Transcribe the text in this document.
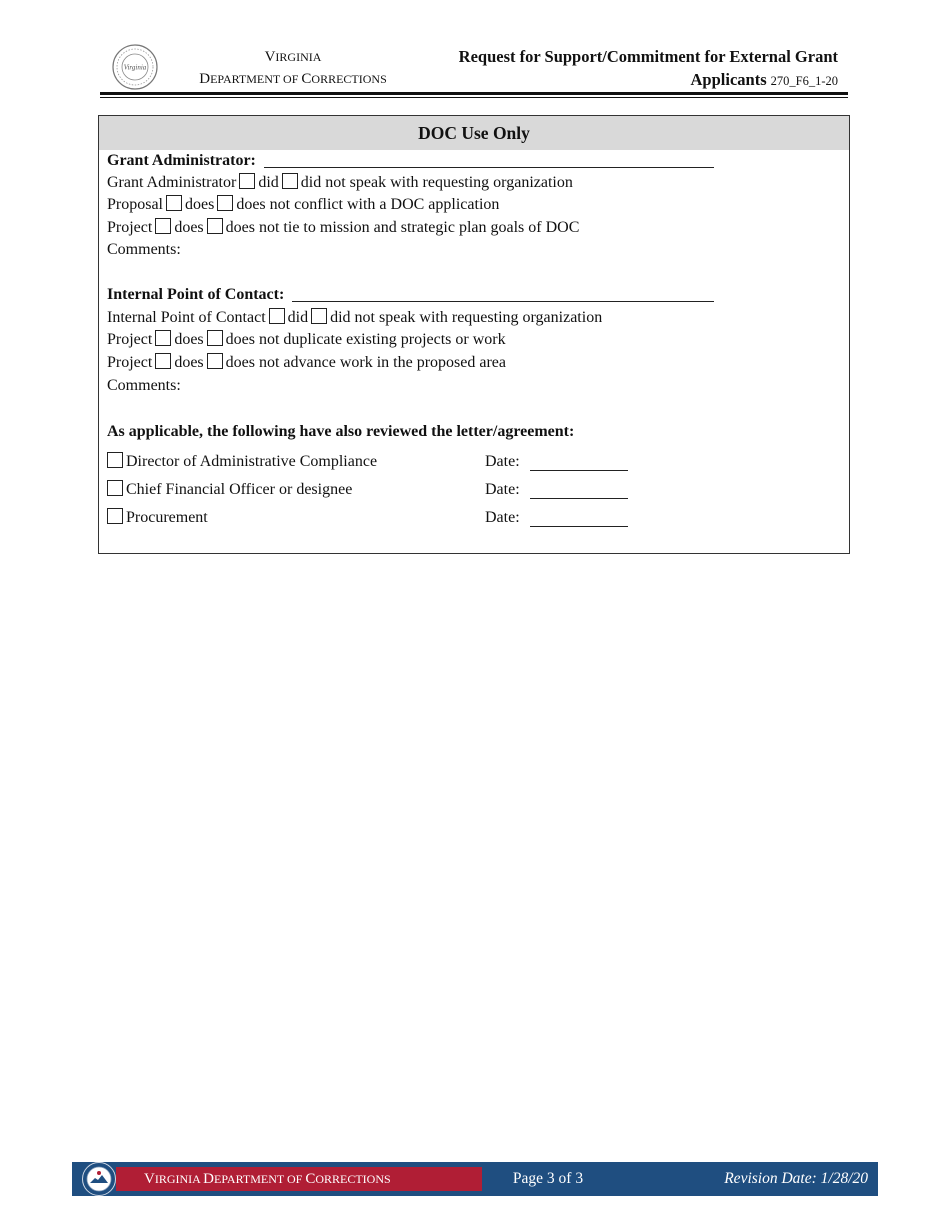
Virginia
VIRGINIA
DEPARTMENT OF CORRECTIONS
Request for Support/Commitment for External Grant
Applicants 270_F6_1-20
DOC Use Only
Grant Administrator:
Grant Administrator did did not speak with requesting organization
Proposal does does not conflict with a DOC application
Project does does not tie to mission and strategic plan goals of DOC
Comments:
Internal Point of Contact:
Internal Point of Contact did did not speak with requesting organization
Project does does not duplicate existing projects or work
Project does does not advance work in the proposed area
Comments:
As applicable, the following have also reviewed the letter/agreement:
Director of Administrative Compliance	Date:
Chief Financial Officer or designee	Date:
Procurement	Date:
VIRGINIA DEPARTMENT OF CORRECTIONS	Page 3 of 3	Revision Date: 1/28/20
